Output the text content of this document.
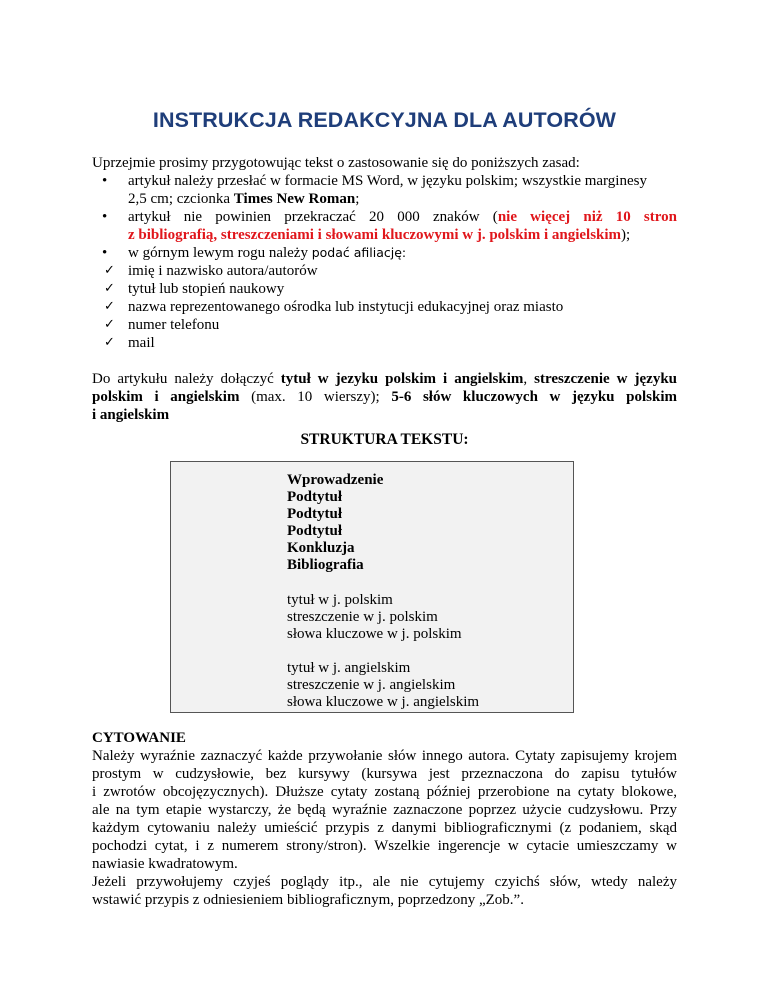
INSTRUKCJA REDAKCYJNA DLA AUTORÓW
Uprzejmie prosimy przygotowując tekst o zastosowanie się do poniższych zasad:
• artykuł należy przesłać w formacie MS Word, w języku polskim; wszystkie marginesy
2,5 cm; czcionka Times New Roman;
• artykuł nie powinien przekraczać 20 000 znaków (nie więcej niż 10 stron
z bibliografią, streszczeniami i słowami kluczowymi w j. polskim i angielskim);
• w górnym lewym rogu należy podać afiliację:
✓ imię i nazwisko autora/autorów
✓ tytuł lub stopień naukowy
✓ nazwa reprezentowanego ośrodka lub instytucji edukacyjnej oraz miasto
✓ numer telefonu
✓ mail
Do artykułu należy dołączyć tytuł w jezyku polskim i angielskim, streszczenie w języku
polskim i angielskim (max. 10 wierszy); 5-6 słów kluczowych w języku polskim
i angielskim
STRUKTURA TEKSTU:
Wprowadzenie
Podtytuł
Podtytuł
Podtytuł
Konkluzja
Bibliografia
tytuł w j. polskim
streszczenie w j. polskim
słowa kluczowe w j. polskim
tytuł w j. angielskim
streszczenie w j. angielskim
słowa kluczowe w j. angielskim
CYTOWANIE
Należy wyraźnie zaznaczyć każde przywołanie słów innego autora. Cytaty zapisujemy krojem
prostym w cudzysłowie, bez kursywy (kursywa jest przeznaczona do zapisu tytułów
i zwrotów obcojęzycznych). Dłuższe cytaty zostaną później przerobione na cytaty blokowe,
ale na tym etapie wystarczy, że będą wyraźnie zaznaczone poprzez użycie cudzysłowu. Przy
każdym cytowaniu należy umieścić przypis z danymi bibliograficznymi (z podaniem, skąd
pochodzi cytat, i z numerem strony/stron). Wszelkie ingerencje w cytacie umieszczamy w
nawiasie kwadratowym.
Jeżeli przywołujemy czyjeś poglądy itp., ale nie cytujemy czyichś słów, wtedy należy
wstawić przypis z odniesieniem bibliograficznym, poprzedzony „Zob.”.
